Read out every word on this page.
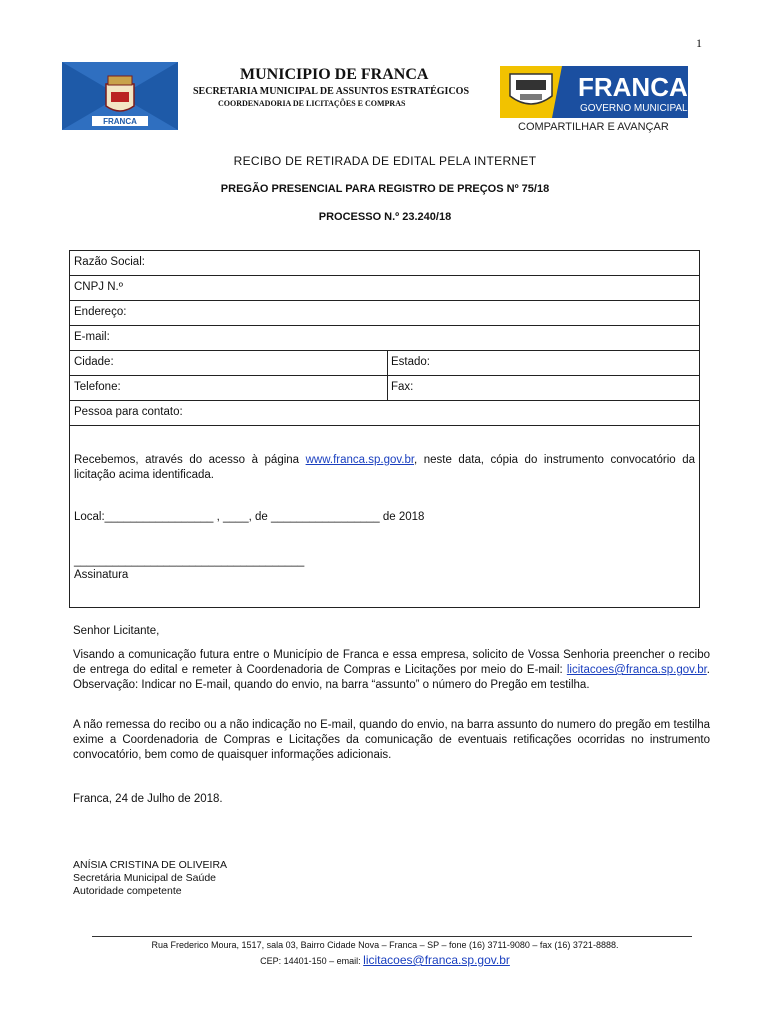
1
FRANCA
MUNICIPIO DE FRANCA
SECRETARIA MUNICIPAL DE ASSUNTOS ESTRATÉGICOS
COORDENADORIA DE LICITAÇÕES E COMPRAS
FRANCA
GOVERNO MUNICIPAL
COMPARTILHAR E AVANÇAR
RECIBO DE RETIRADA DE EDITAL PELA INTERNET
PREGÃO PRESENCIAL PARA REGISTRO DE PREÇOS Nº 75/18
PROCESSO N.º 23.240/18
Razão Social:
CNPJ N.º
Endereço:
E-mail:
Cidade:	Estado:
Telefone:	Fax:
Pessoa para contato:
Recebemos, através do acesso à página www.franca.sp.gov.br, neste data, cópia do instrumento convocatório da licitação acima identificada.
Local:_________________ , ____, de _________________ de 2018
____________________________________
Assinatura
Senhor Licitante,
Visando a comunicação futura entre o Município de Franca e essa empresa, solicito de Vossa Senhoria preencher o recibo de entrega do edital e remeter à Coordenadoria de Compras e Licitações por meio do E-mail: licitacoes@franca.sp.gov.br. Observação: Indicar no E-mail, quando do envio, na barra “assunto” o número do Pregão em testilha.
A não remessa do recibo ou a não indicação no E-mail, quando do envio, na barra assunto do numero do pregão em testilha exime a Coordenadoria de Compras e Licitações da comunicação de eventuais retificações ocorridas no instrumento convocatório, bem como de quaisquer informações adicionais.
Franca, 24 de Julho de 2018.
ANÍSIA CRISTINA DE OLIVEIRA
Secretária Municipal de Saúde
Autoridade competente
Rua Frederico Moura, 1517, sala 03, Bairro Cidade Nova – Franca – SP – fone (16) 3711-9080 – fax (16) 3721-8888.
CEP: 14401-150 – email: licitacoes@franca.sp.gov.br
